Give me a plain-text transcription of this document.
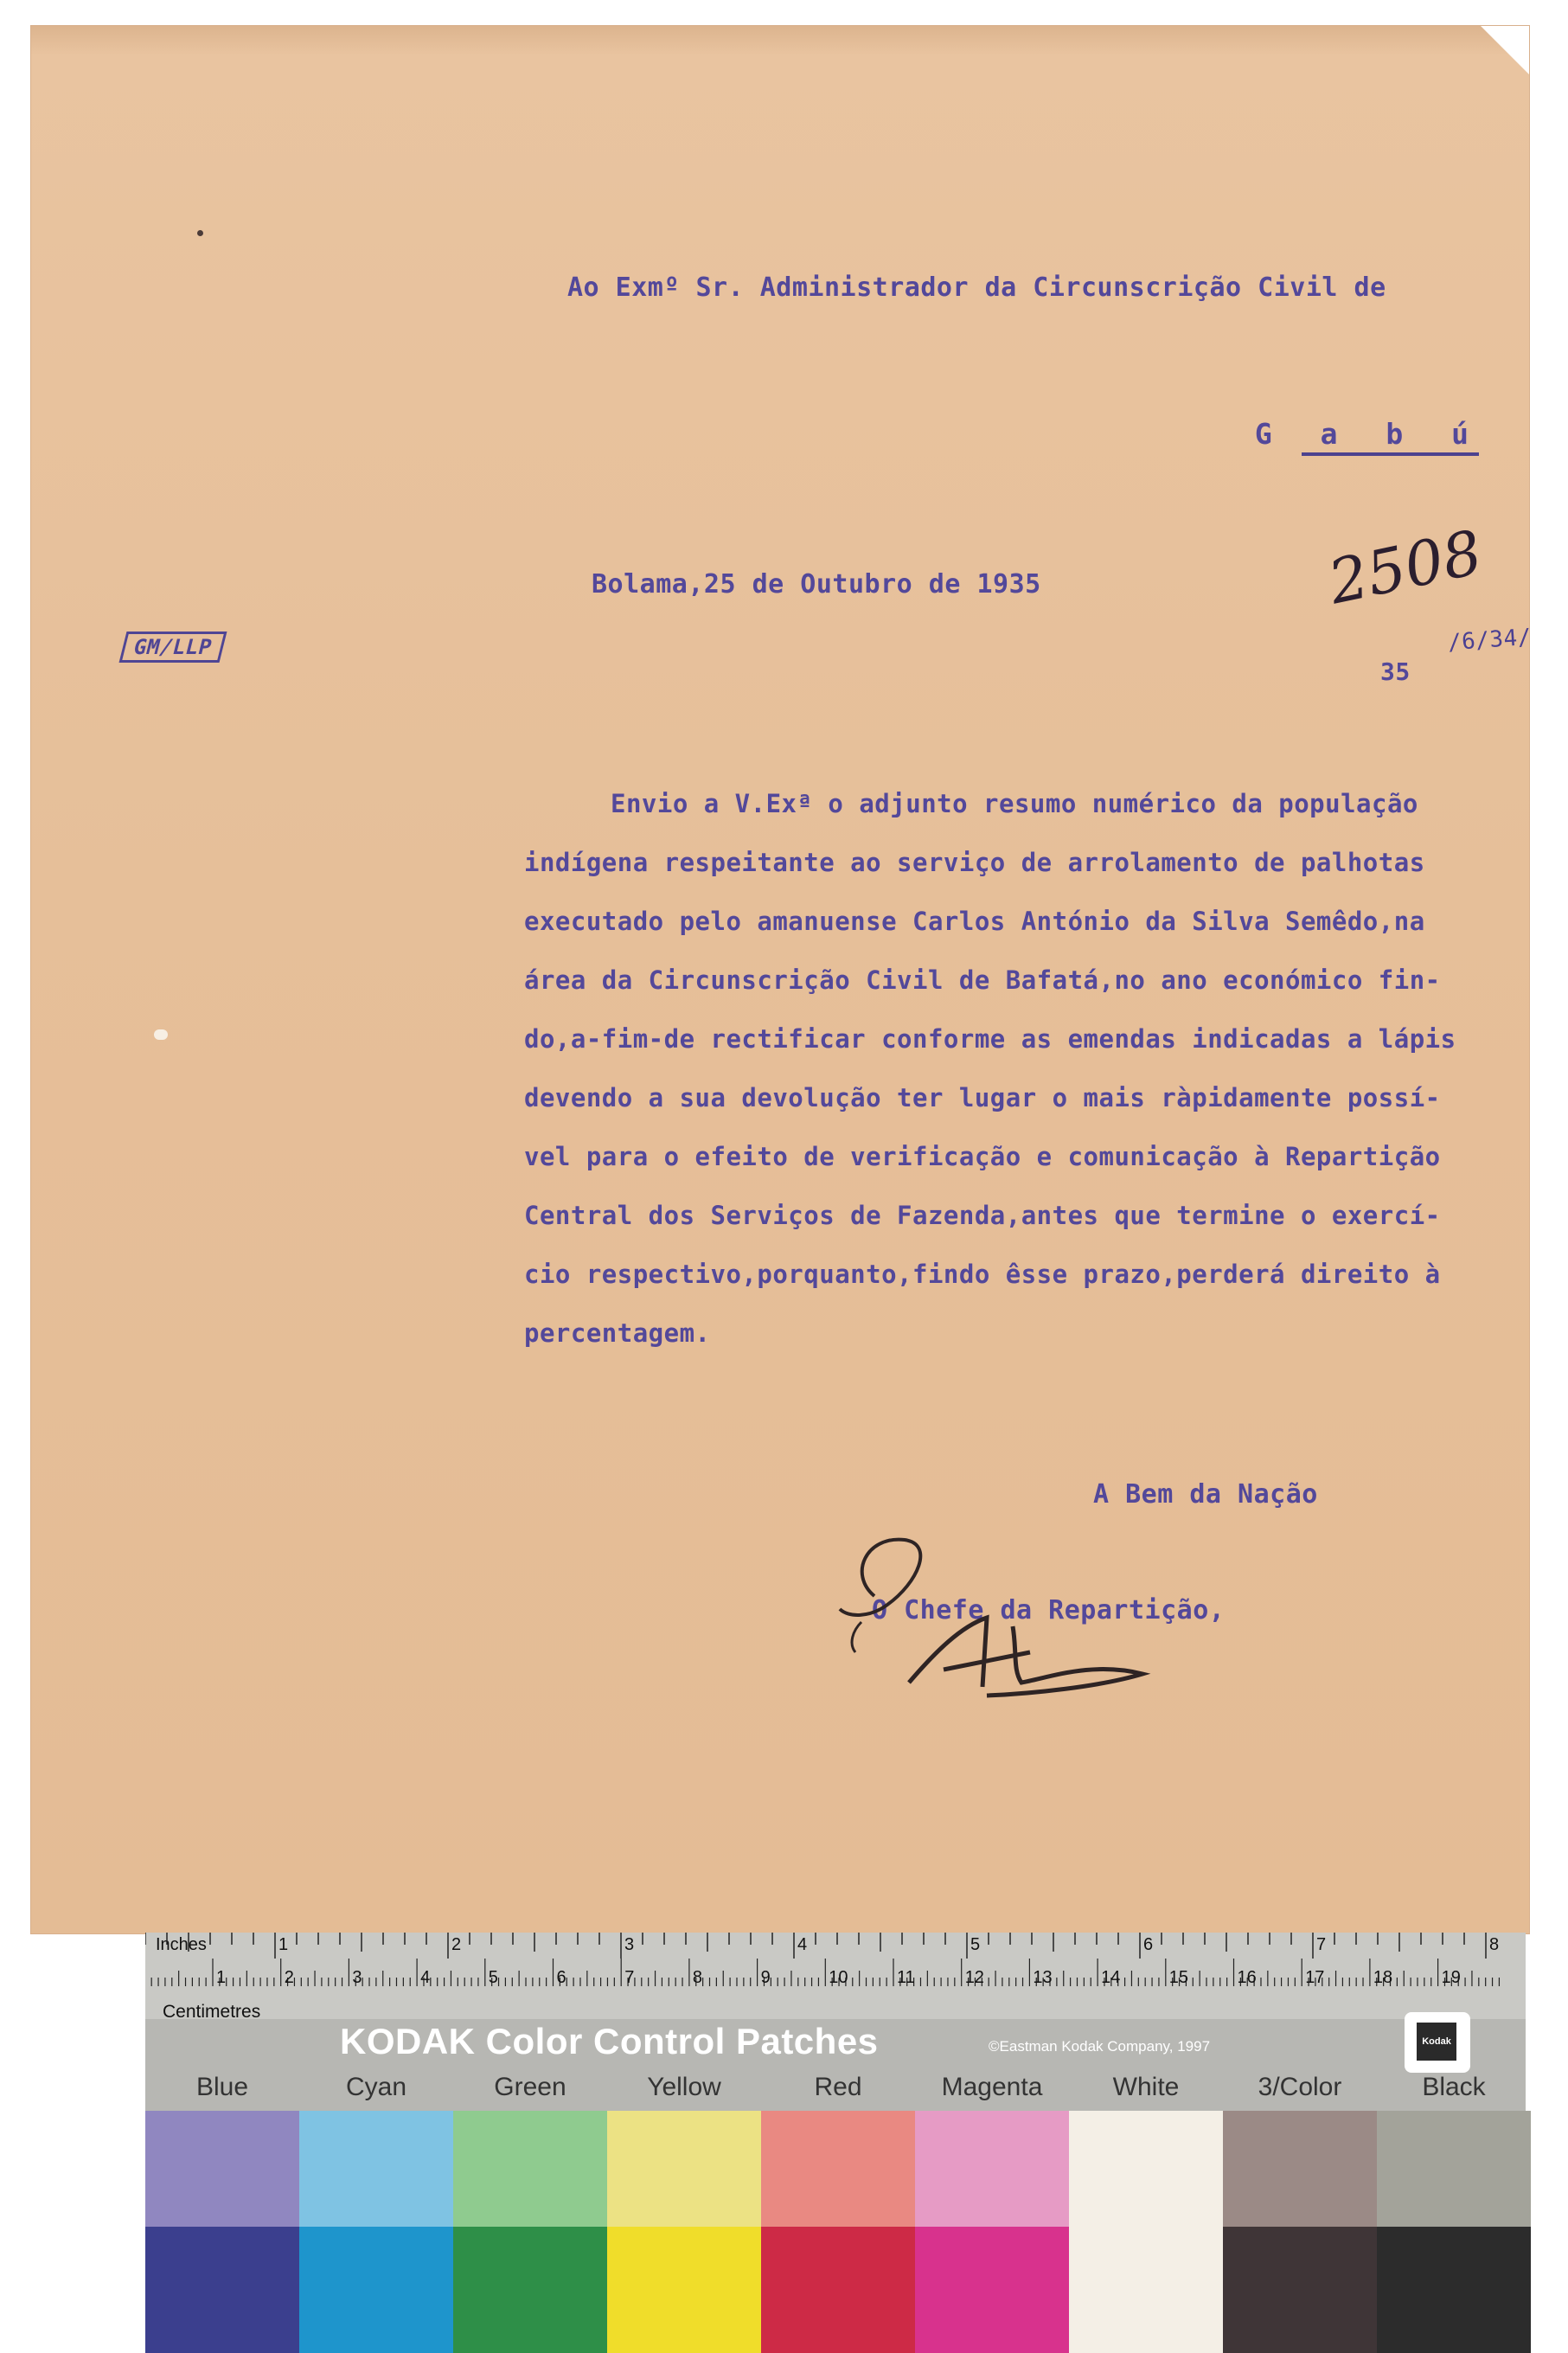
Ao Exmº Sr. Administrador da Circunscrição Civil de
G a b ú
Bolama,25 de Outubro de 1935
GM/LLP
2508
/6/34/
35
Envio a V.Exª o adjunto resumo numérico da população
indígena respeitante ao serviço de arrolamento de palhotas
executado pelo amanuense Carlos António da Silva Semêdo,na
área da Circunscrição Civil de Bafatá,no ano económico fin-
do,a-fim-de rectificar conforme as emendas indicadas a lápis
devendo a sua devolução ter lugar o mais ràpidamente possí-
vel para o efeito de verificação e comunicação à Repartição
Central dos Serviços de Fazenda,antes que termine o exercí-
cio respectivo,porquanto,findo êsse prazo,perderá direito à
percentagem.
A Bem da Nação
O Chefe da Repartição,
Inches	1	2	3	4	5	6	7	8
1	2	3	4	5	6	7	8	9	10	11	12	13	14	15	16	17	18	19
Centimetres
KODAK Color Control Patches	©Eastman Kodak Company, 1997	Kodak
Blue	Cyan	Green	Yellow	Red	Magenta	White	3/Color	Black
